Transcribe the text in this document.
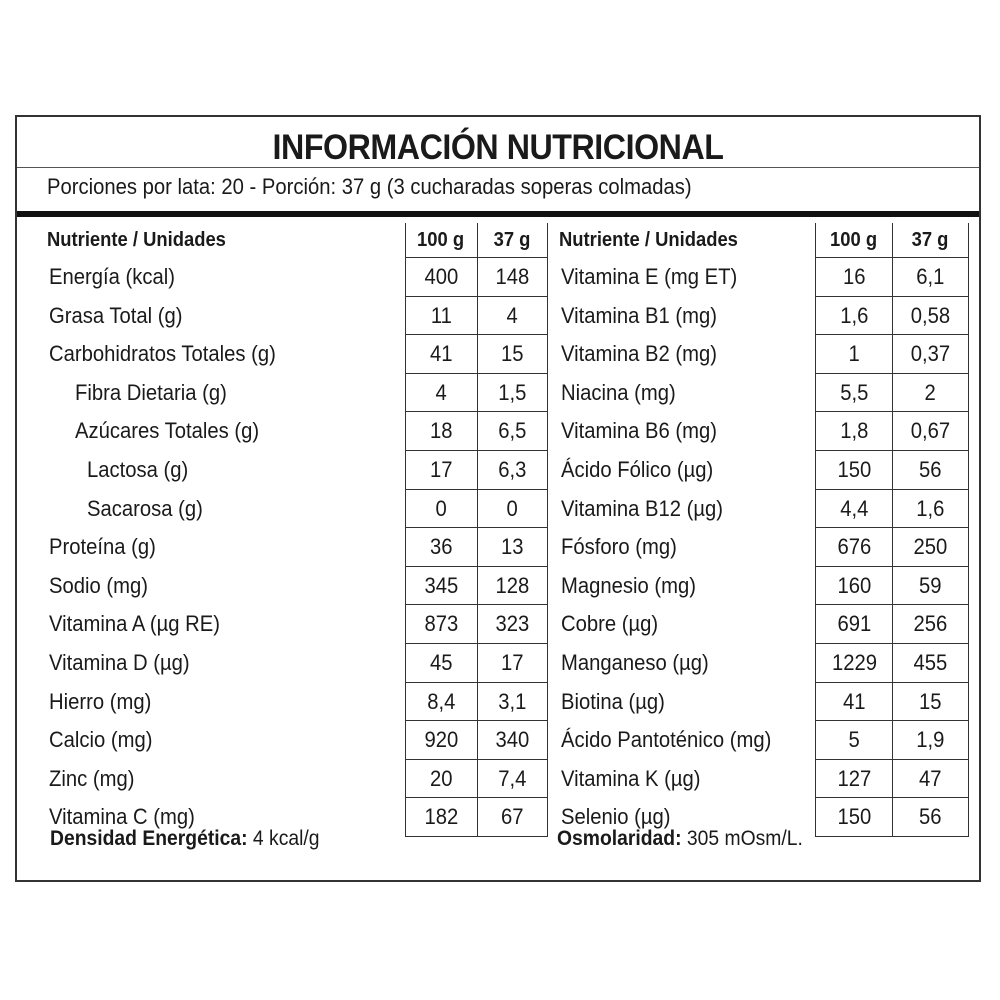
INFORMACIÓN NUTRICIONAL
Porciones por lata: 20 - Porción: 37 g (3 cucharadas soperas colmadas)
Nutriente / Unidades	100 g	37 g
Energía (kcal)	400	148
Grasa Total (g)	11	4
Carbohidratos Totales (g)	41	15
Fibra Dietaria (g)	4	1,5
Azúcares Totales (g)	18	6,5
Lactosa (g)	17	6,3
Sacarosa (g)	0	0
Proteína (g)	36	13
Sodio (mg)	345	128
Vitamina A (µg RE)	873	323
Vitamina D (µg)	45	17
Hierro (mg)	8,4	3,1
Calcio (mg)	920	340
Zinc (mg)	20	7,4
Vitamina C (mg)	182	67
Nutriente / Unidades	100 g	37 g
Vitamina E (mg ET)	16	6,1
Vitamina B1 (mg)	1,6	0,58
Vitamina B2 (mg)	1	0,37
Niacina (mg)	5,5	2
Vitamina B6 (mg)	1,8	0,67
Ácido Fólico (µg)	150	56
Vitamina B12 (µg)	4,4	1,6
Fósforo (mg)	676	250
Magnesio (mg)	160	59
Cobre (µg)	691	256
Manganeso (µg)	1229	455
Biotina (µg)	41	15
Ácido Pantoténico (mg)	5	1,9
Vitamina K (µg)	127	47
Selenio (µg)	150	56
Densidad Energética: 4 kcal/g	Osmolaridad: 305 mOsm/L.
